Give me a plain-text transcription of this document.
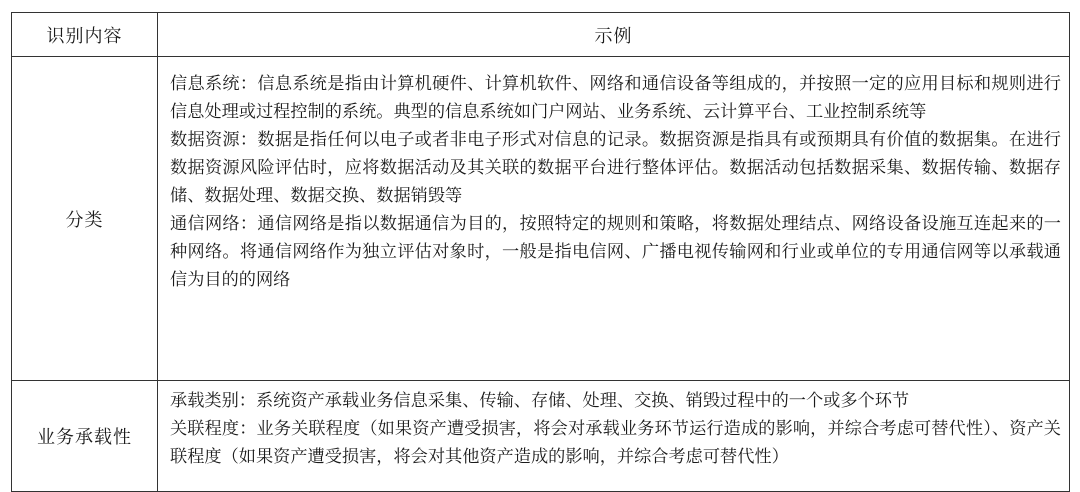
识别内容	示例
分类	信息系统：信息系统是指由计算机硬件、计算机软件、网络和通信设备等组成的，并按照一定的应用目标和规则进行信息处理或过程控制的系统。典型的信息系统如门户网站、业务系统、云计算平台、工业控制系统等

数据资源：数据是指任何以电子或者非电子形式对信息的记录。数据资源是指具有或预期具有价值的数据集。在进行数据资源风险评估时，应将数据活动及其关联的数据平台进行整体评估。数据活动包括数据采集、数据传输、数据存储、数据处理、数据交换、数据销毁等

通信网络：通信网络是指以数据通信为目的，按照特定的规则和策略，将数据处理结点、网络设备设施互连起来的一种网络。将通信网络作为独立评估对象时，一般是指电信网、广播电视传输网和行业或单位的专用通信网等以承载通信为目的的网络

业务承载性	承载类别：系统资产承载业务信息采集、传输、存储、处理、交换、销毁过程中的一个或多个环节

关联程度：业务关联程度（如果资产遭受损害，将会对承载业务环节运行造成的影响，并综合考虑可替代性）、资产关联程度（如果资产遭受损害，将会对其他资产造成的影响，并综合考虑可替代性）
